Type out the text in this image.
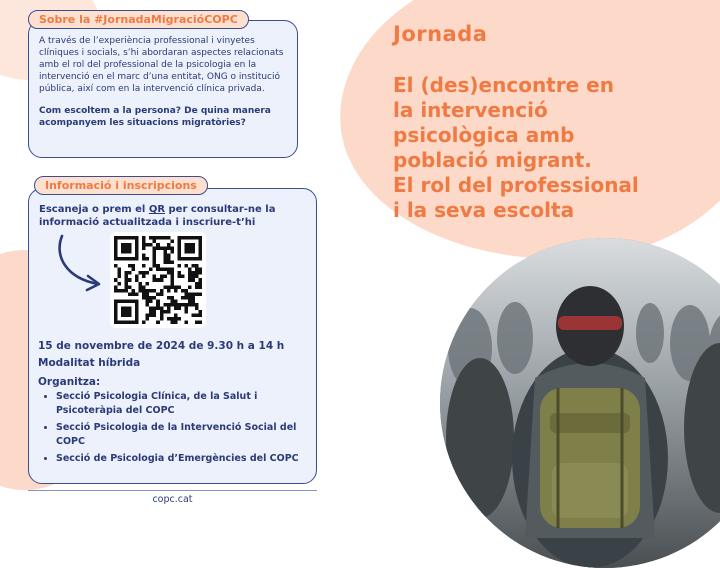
A través de l’experiència professional i vinyetes clíniques i socials, s’hi abordaran aspectes relacionats amb el rol del professional de la psicologia en la intervenció en el marc d’una entitat, ONG o institució pública, així com en la intervenció clínica privada.

Com escoltem a la persona? De quina manera acompanyem les situacions migratòries?

Sobre la #JornadaMigracióCOPC

Escaneja o prem el QR per consultar-ne la informació actualitzada i inscriure-t’hi

Informació i inscripcions
15 de novembre de 2024 de 9.30 h a 14 h
Modalitat híbrida
Organitza:
• Secció Psicologia Clínica, de la Salut i Psicoteràpia del COPC
• Secció Psicologia de la Intervenció Social del COPC
• Secció de Psicologia d’Emergències del COPC
copc.cat
Jornada
El (des)encontre en
la intervenció
psicològica amb
població migrant.
El rol del professional
i la seva escolta
